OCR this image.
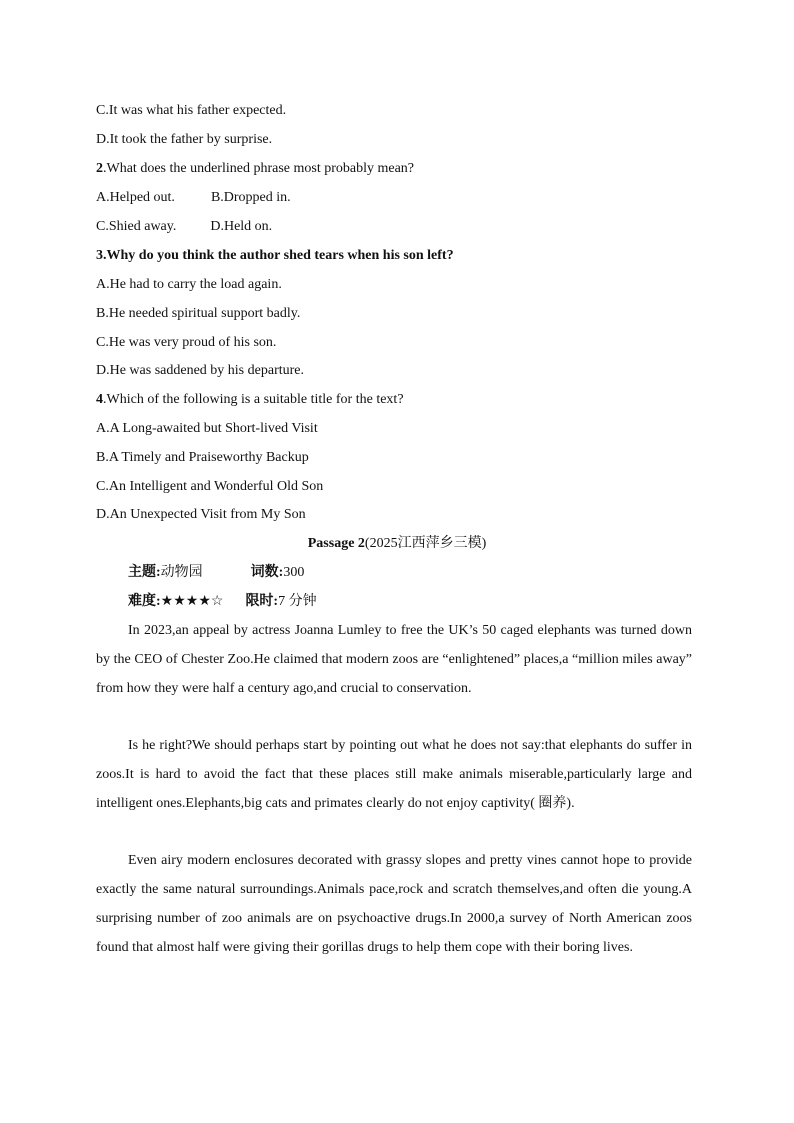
C.It was what his father expected.
D.It took the father by surprise.
2.What does the underlined phrase most probably mean?
A.Helped out.	B.Dropped in.
C.Shied away. D.Held on.
3.Why do you think the author shed tears when his son left?
A.He had to carry the load again.
B.He needed spiritual support badly.
C.He was very proud of his son.
D.He was saddened by his departure.
4.Which of the following is a suitable title for the text?
A.A Long-awaited but Short-lived Visit
B.A Timely and Praiseworthy Backup
C.An Intelligent and Wonderful Old Son
D.An Unexpected Visit from My Son
Passage 2(2025江西萍乡三模)
主题:动物园	词数:300
难度:★★★★☆ 限时:7 分钟
In 2023,an appeal by actress Joanna Lumley to free the UK’s 50 caged elephants was turned down by the CEO of Chester Zoo.He claimed that modern zoos are “enlightened” places,a “million miles away” from how they were half a century ago,and crucial to conservation.
Is he right?We should perhaps start by pointing out what he does not say:that elephants do suffer in zoos.It is hard to avoid the fact that these places still make animals miserable,particularly large and intelligent ones.Elephants,big cats and primates clearly do not enjoy captivity( 圈养).
Even airy modern enclosures decorated with grassy slopes and pretty vines cannot hope to provide exactly the same natural surroundings.Animals pace,rock and scratch themselves,and often die young.A surprising number of zoo animals are on psychoactive drugs.In 2000,a survey of North American zoos found that almost half were giving their gorillas drugs to help them cope with their boring lives.
